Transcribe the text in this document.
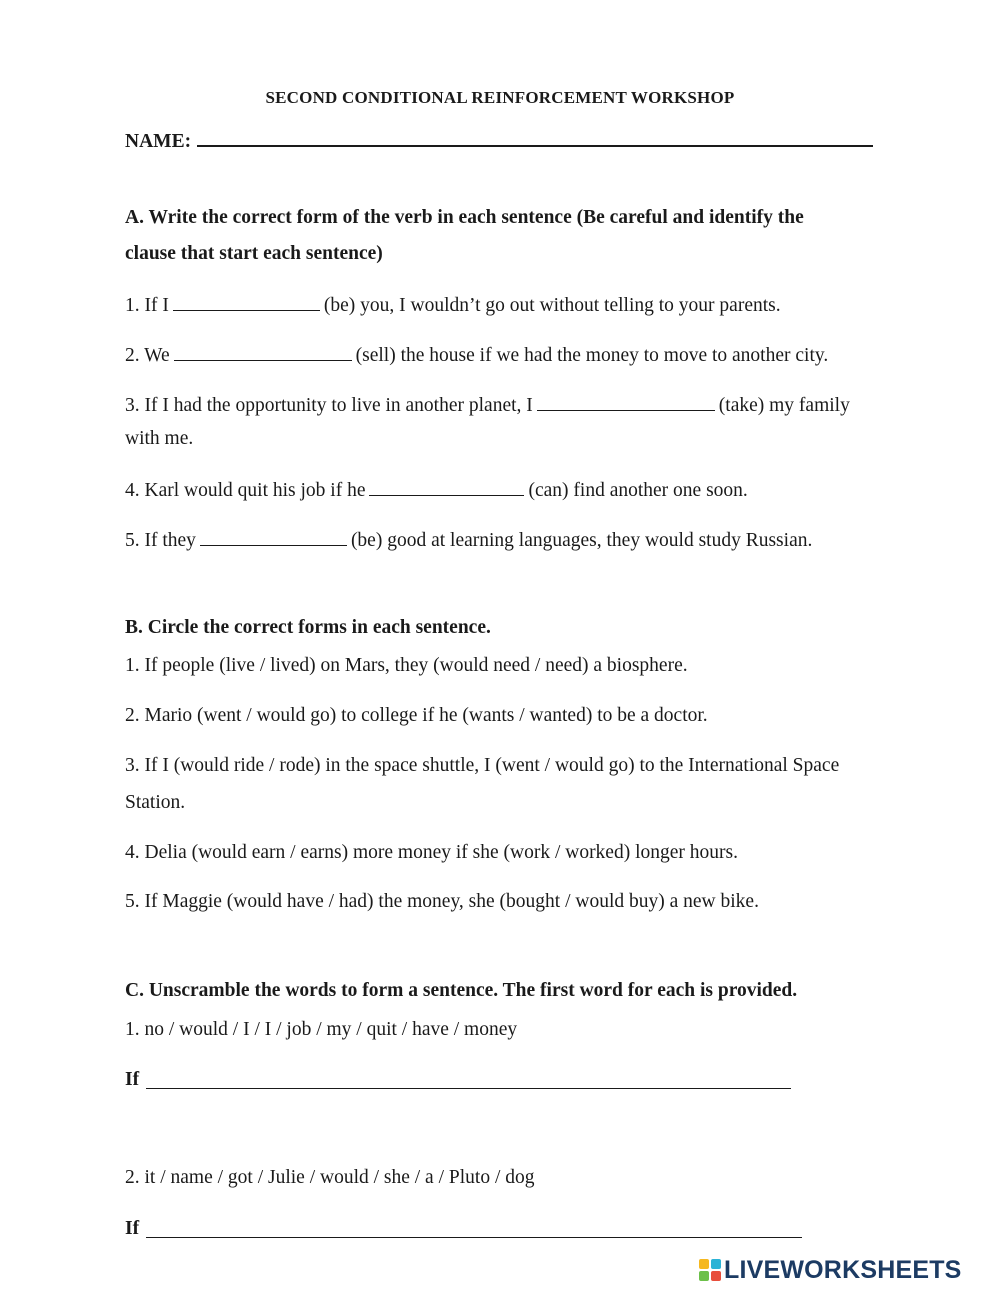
SECOND CONDITIONAL REINFORCEMENT WORKSHOP
NAME:
A. Write the correct form of the verb in each sentence (Be careful and identify the
clause that start each sentence)
1. If I	(be) you, I wouldn’t go out without telling to your parents.
2. We	(sell) the house if we had the money to move to another city.
3. If I had the opportunity to live in another planet, I	(take) my family
with me.
4. Karl would quit his job if he	(can) find another one soon.
5. If they	(be) good at learning languages, they would study Russian.
B. Circle the correct forms in each sentence.
1. If people (live / lived) on Mars, they (would need / need) a biosphere.
2. Mario (went / would go) to college if he (wants / wanted) to be a doctor.
3. If I (would ride / rode) in the space shuttle, I (went / would go) to the International Space
Station.
4. Delia (would earn / earns) more money if she (work / worked) longer hours.
5. If Maggie (would have / had) the money, she (bought / would buy) a new bike.
C. Unscramble the words to form a sentence. The first word for each is provided.
1. no / would / I / I / job / my / quit / have / money
If
2. it / name / got / Julie / would / she / a / Pluto / dog
If
LIVEWORKSHEETS
